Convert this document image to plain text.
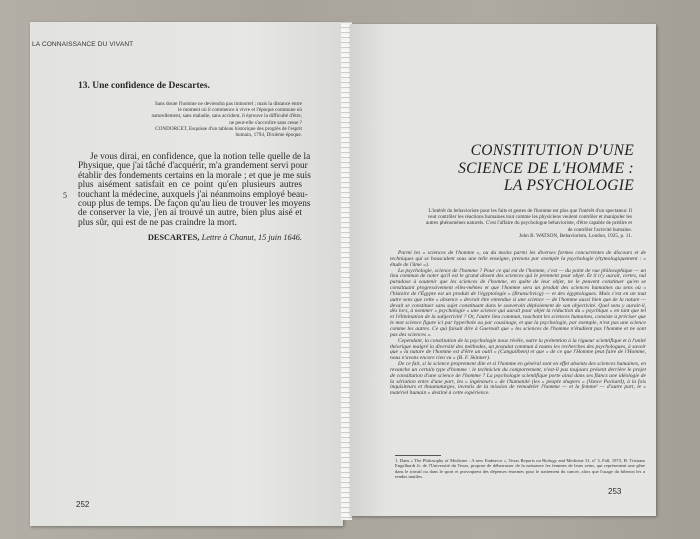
LA CONNAISSANCE DU VIVANT
13. Une confidence de Descartes.
Sans doute l'homme ne deviendra pas immortel ; mais la distance entre le moment où il commence à vivre et l'époque commune où naturellement, sans maladie, sans accident, il éprouve la difficulté d'être, ne peut-elle s'accroître sans cesse ?
CONDORCET, Esquisse d'un tableau historique des progrès de l'esprit humain, 1794, Dixième époque.
Je vous dirai, en confidence, que la notion telle quelle de la
Physique, que j'ai tâché d'acquérir, m'a grandement servi pour
établir des fondements certains en la morale ; et que je me suis
plus aisément satisfait en ce point qu'en plusieurs autres
touchant la médecine, auxquels j'ai néanmoins employé beau-
coup plus de temps. De façon qu'au lieu de trouver les moyens
de conserver la vie, j'en ai trouvé un autre, bien plus aisé et
plus sûr, qui est de ne pas craindre la mort.
5
DESCARTES, Lettre à Chanut, 15 juin 1646.
252
CONSTITUTION D'UNE
SCIENCE DE L'HOMME :
LA PSYCHOLOGIE
L'intérêt du behavioriste pour les faits et gestes de l'homme est plus que l'intérêt d'un spectateur. Il veut contrôler les réactions humaines tout comme les physiciens veulent contrôler et manipuler les autres phénomènes naturels. C'est l'affaire du psychologue behavioriste, d'être capable de prédire et de contrôler l'activité humaine.
John B. WATSON, Behaviorism, London, 1925, p. 11.

Parmi les « sciences de l'homme », ou du moins parmi les diverses formes concurrentes de discours et de techniques qui se bousculent sous une telle enseigne, prenons par exemple la psychologie (étymologiquement : « étude de l'âme »).

La psychologie, science de l'homme ? Pour ce qui est de l'homme, c'est — du point de vue philosophique — un lieu commun de noter qu'il est le grand absent des sciences qui le prennent pour objet. Et il n'y aurait, certes, nul paradoxe à soutenir que les sciences de l'homme, en quête de leur objet, ne le peuvent constituer qu'en se constituant progressivement elles-mêmes et que l'homme sera un produit des sciences humaines au sens où « l'histoire de l'Égypte est un produit de l'égyptologie » (Brunschvicg) — et des égyptologues. Mais c'est en un tout autre sens que cette « absence » devrait être entendue si une science — de l'homme aussi bien que de la nature — devait se constituer sans sujet constituant dans le souverain déploiement de son objectivité. Quel sens y aurait-il, dès lors, à nommer « psychologie » une science qui aurait pour objet la réduction du « psychique » en tant que tel et l'élimination de la subjectivité ? Or, l'autre lieu commun, touchant les sciences humaines, consiste à préciser que le mot science figure ici par hyperbole ou par cousinage, et que la psychologie, par exemple, n'est pas une science comme les autres. Ce qui faisait dire à Gueroult que « les sciences de l'homme n'étudient pas l'homme et ne sont pas des sciences ».

Cependant, la constitution de la psychologie nous révèle, outre la prétention à la rigueur scientifique et à l'unité théorique malgré la diversité des méthodes, un postulat commun à toutes les recherches des psychologues, à savoir que « la nature de l'homme est d'être un outil » (Canguilhem) et que « de ce que l'Homme peut faire de l'Homme, nous n'avons encore rien vu » (B. F. Skinner).

De ce fait, si la science proprement dite et si l'homme en général sont en effet absents des sciences humaines, en revanche un certain type d'homme : le technicien du comportement, n'est-il pas toujours présent derrière le projet de constitution d'une science de l'homme ? La psychologie scientifique porte ainsi dans ses flancs une idéologie de la sériation entre d'une part, les « ingénieurs » de l'humanité (les « people shapers » (Vance Packard), à la fois inquisiteurs et thaumaturges, investis de la mission de remodeler l'homme — et la femme¹ — d'autre part, le « matériel humain » destiné à cette expérience.

1. Dans « The Philosophy of Medicine : A new Endeavor », Texas Reports on Biology and Medicine 31, nº 3, Fall, 1973, H. Tristram Engelhardt Jr, de l'Université du Texas, propose de débarrasser de la naissance les femmes de leurs seins, qui représentent une gêne dans le travail ou dans le sport et provoquent des dépenses énormes pour le traitement du cancer, alors que l'usage du biberon les a rendus inutiles.
253
